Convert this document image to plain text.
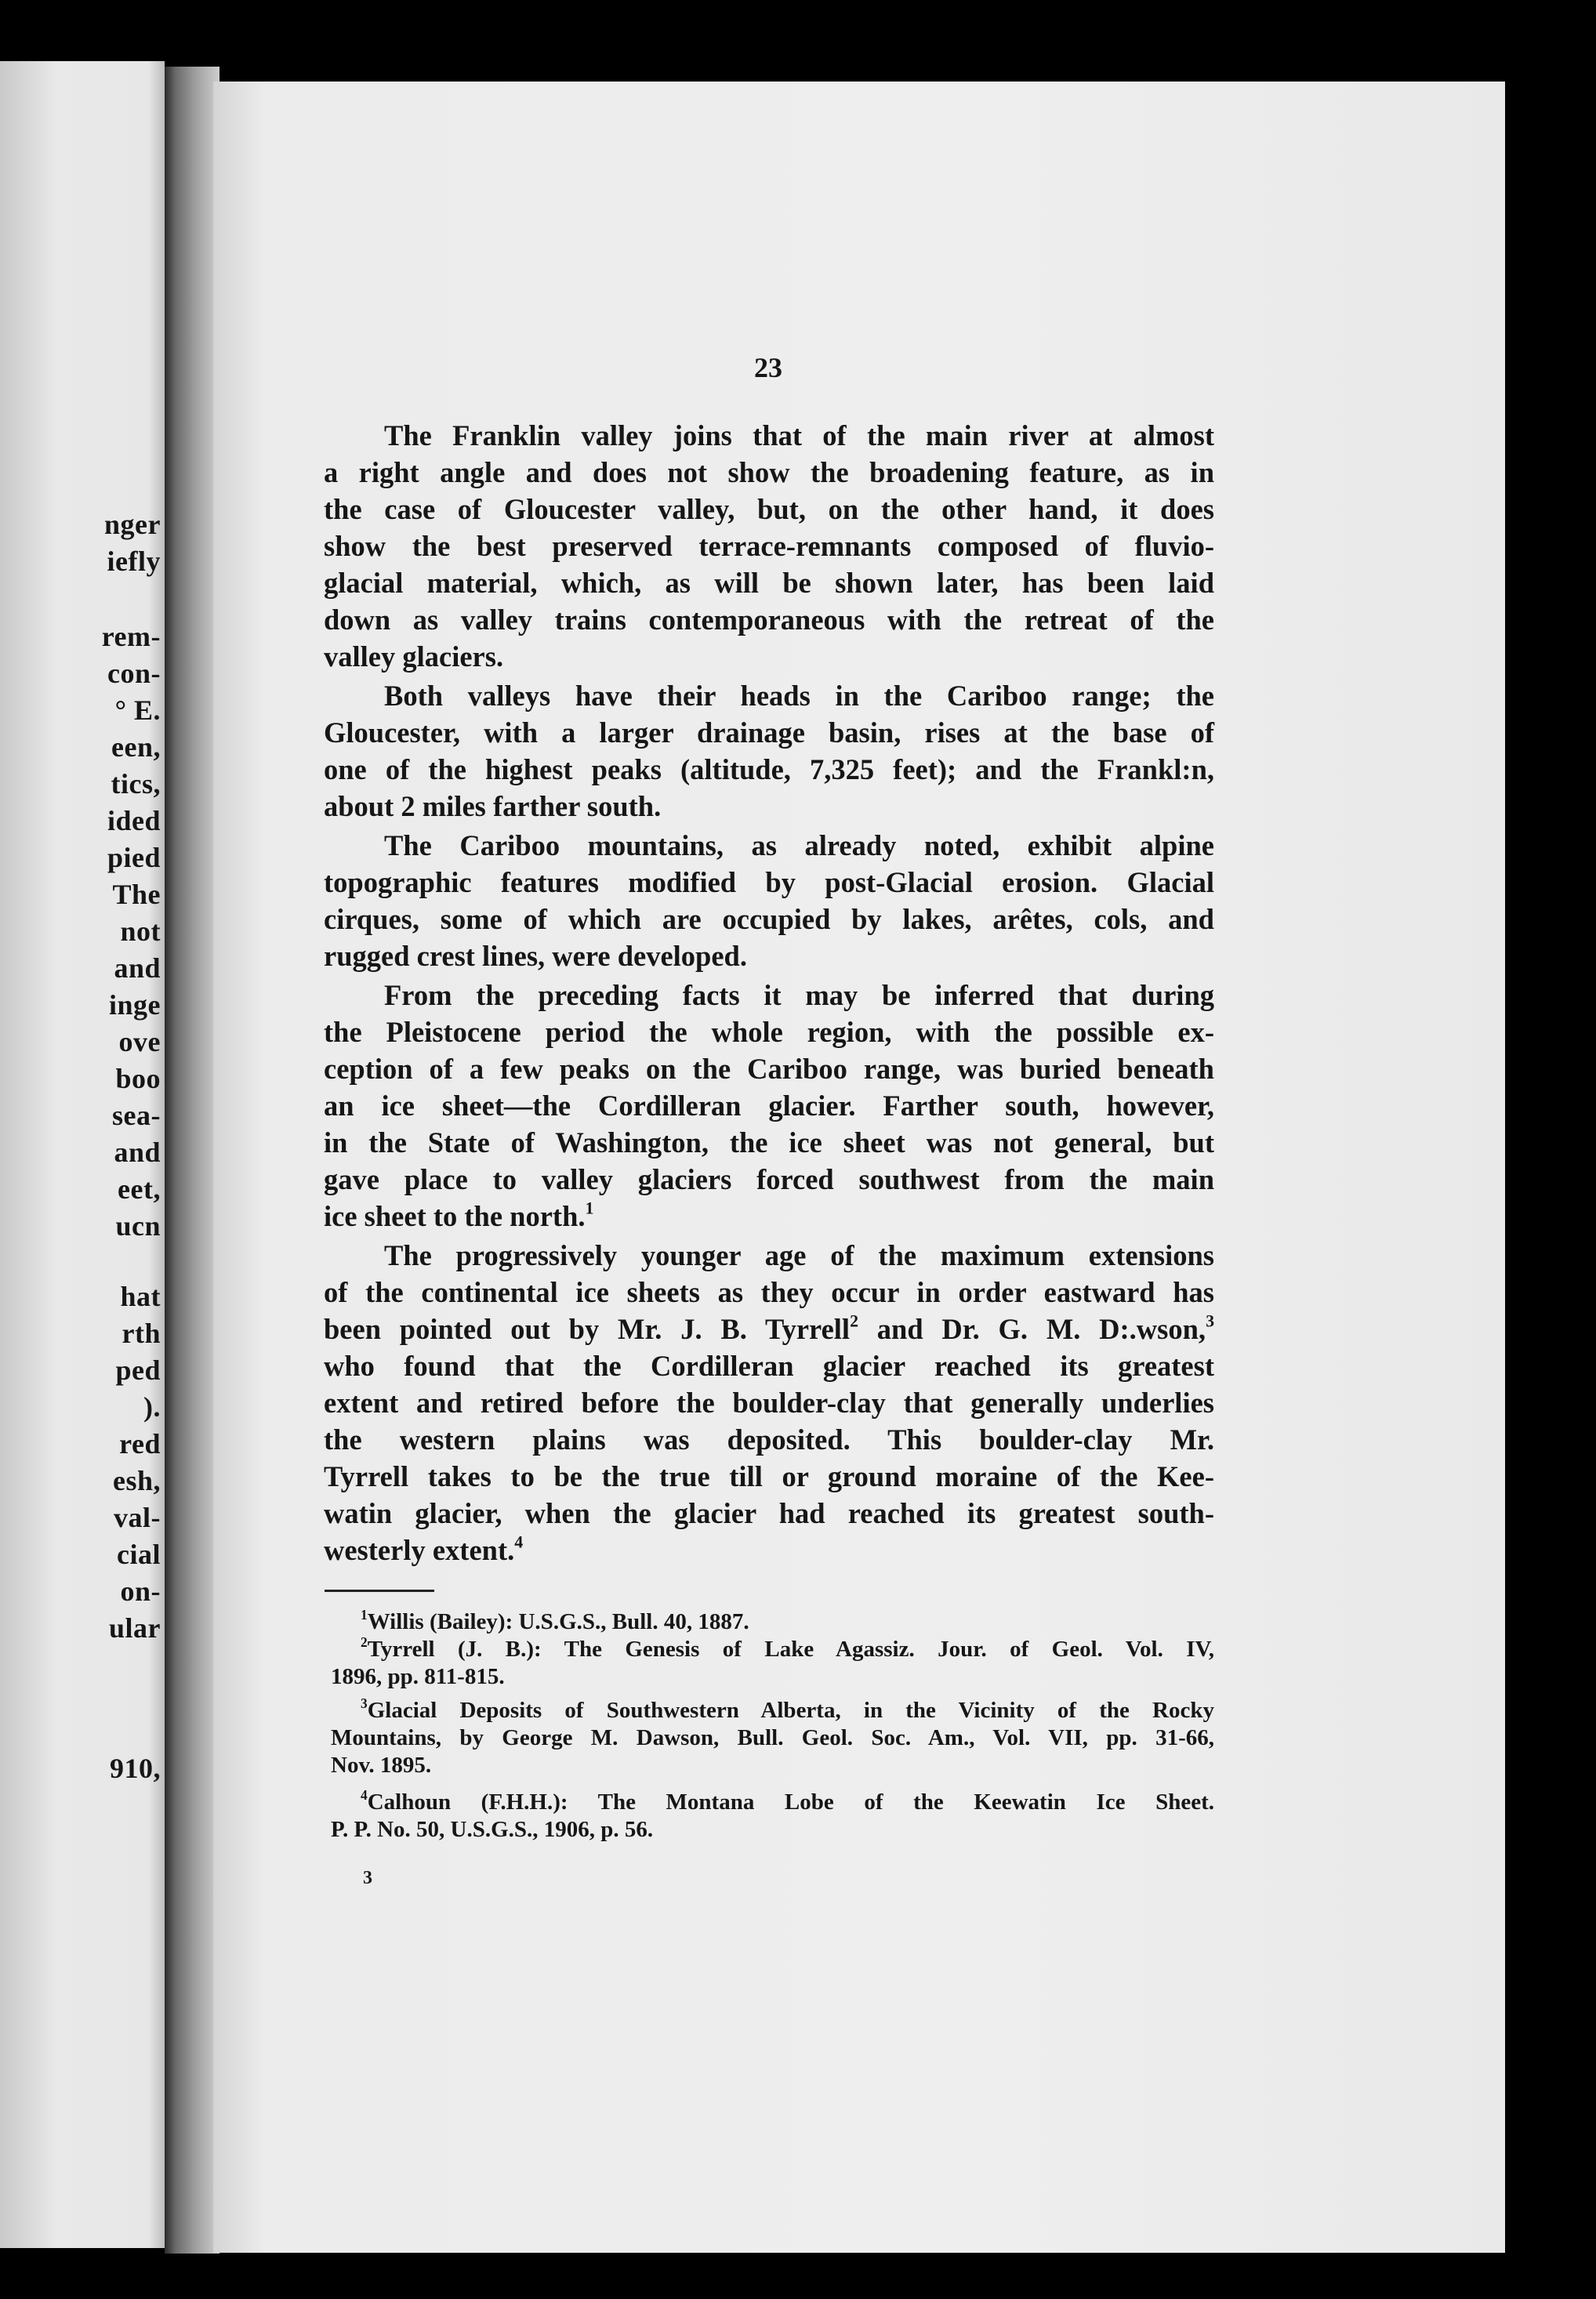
nger
iefly
rem-
con-
° E.
een,
tics,
ided
pied
The
not
and
inge
ove
boo
sea-
and
eet,
ucn
hat
rth
ped
).
red
esh,
val-
cial
on-
ular
910,
23
The Franklin valley joins that of the main river at almost
a right angle and does not show the broadening feature, as in
the case of Gloucester valley, but, on the other hand, it does
show the best preserved terrace-remnants composed of fluvio-
glacial material, which, as will be shown later, has been laid
down as valley trains contemporaneous with the retreat of the
valley glaciers.
Both valleys have their heads in the Cariboo range; the
Gloucester, with a larger drainage basin, rises at the base of
one of the highest peaks (altitude, 7,325 feet); and the Frankl:n,
about 2 miles farther south.
The Cariboo mountains, as already noted, exhibit alpine
topographic features modified by post-Glacial erosion. Glacial
cirques, some of which are occupied by lakes, arêtes, cols, and
rugged crest lines, were developed.
From the preceding facts it may be inferred that during
the Pleistocene period the whole region, with the possible ex-
ception of a few peaks on the Cariboo range, was buried beneath
an ice sheet—the Cordilleran glacier. Farther south, however,
in the State of Washington, the ice sheet was not general, but
gave place to valley glaciers forced southwest from the main
ice sheet to the north.$^1$
The progressively younger age of the maximum extensions
of the continental ice sheets as they occur in order eastward has
been pointed out by Mr. J. B. Tyrrell$^2$ and Dr. G. M. D:.wson,$^3$
who found that the Cordilleran glacier reached its greatest
extent and retired before the boulder-clay that generally underlies
the western plains was deposited. This boulder-clay Mr.
Tyrrell takes to be the true till or ground moraine of the Kee-
watin glacier, when the glacier had reached its greatest south-
westerly extent.$^4$
$^1$Willis (Bailey): U.S.G.S., Bull. 40, 1887.
$^2$Tyrrell (J. B.): The Genesis of Lake Agassiz. Jour. of Geol. Vol. IV,
1896, pp. 811-815.
$^3$Glacial Deposits of Southwestern Alberta, in the Vicinity of the Rocky
Mountains, by George M. Dawson, Bull. Geol. Soc. Am., Vol. VII, pp. 31-66,
Nov. 1895.
$^4$Calhoun (F.H.H.): The Montana Lobe of the Keewatin Ice Sheet.
P. P. No. 50, U.S.G.S., 1906, p. 56.
3
